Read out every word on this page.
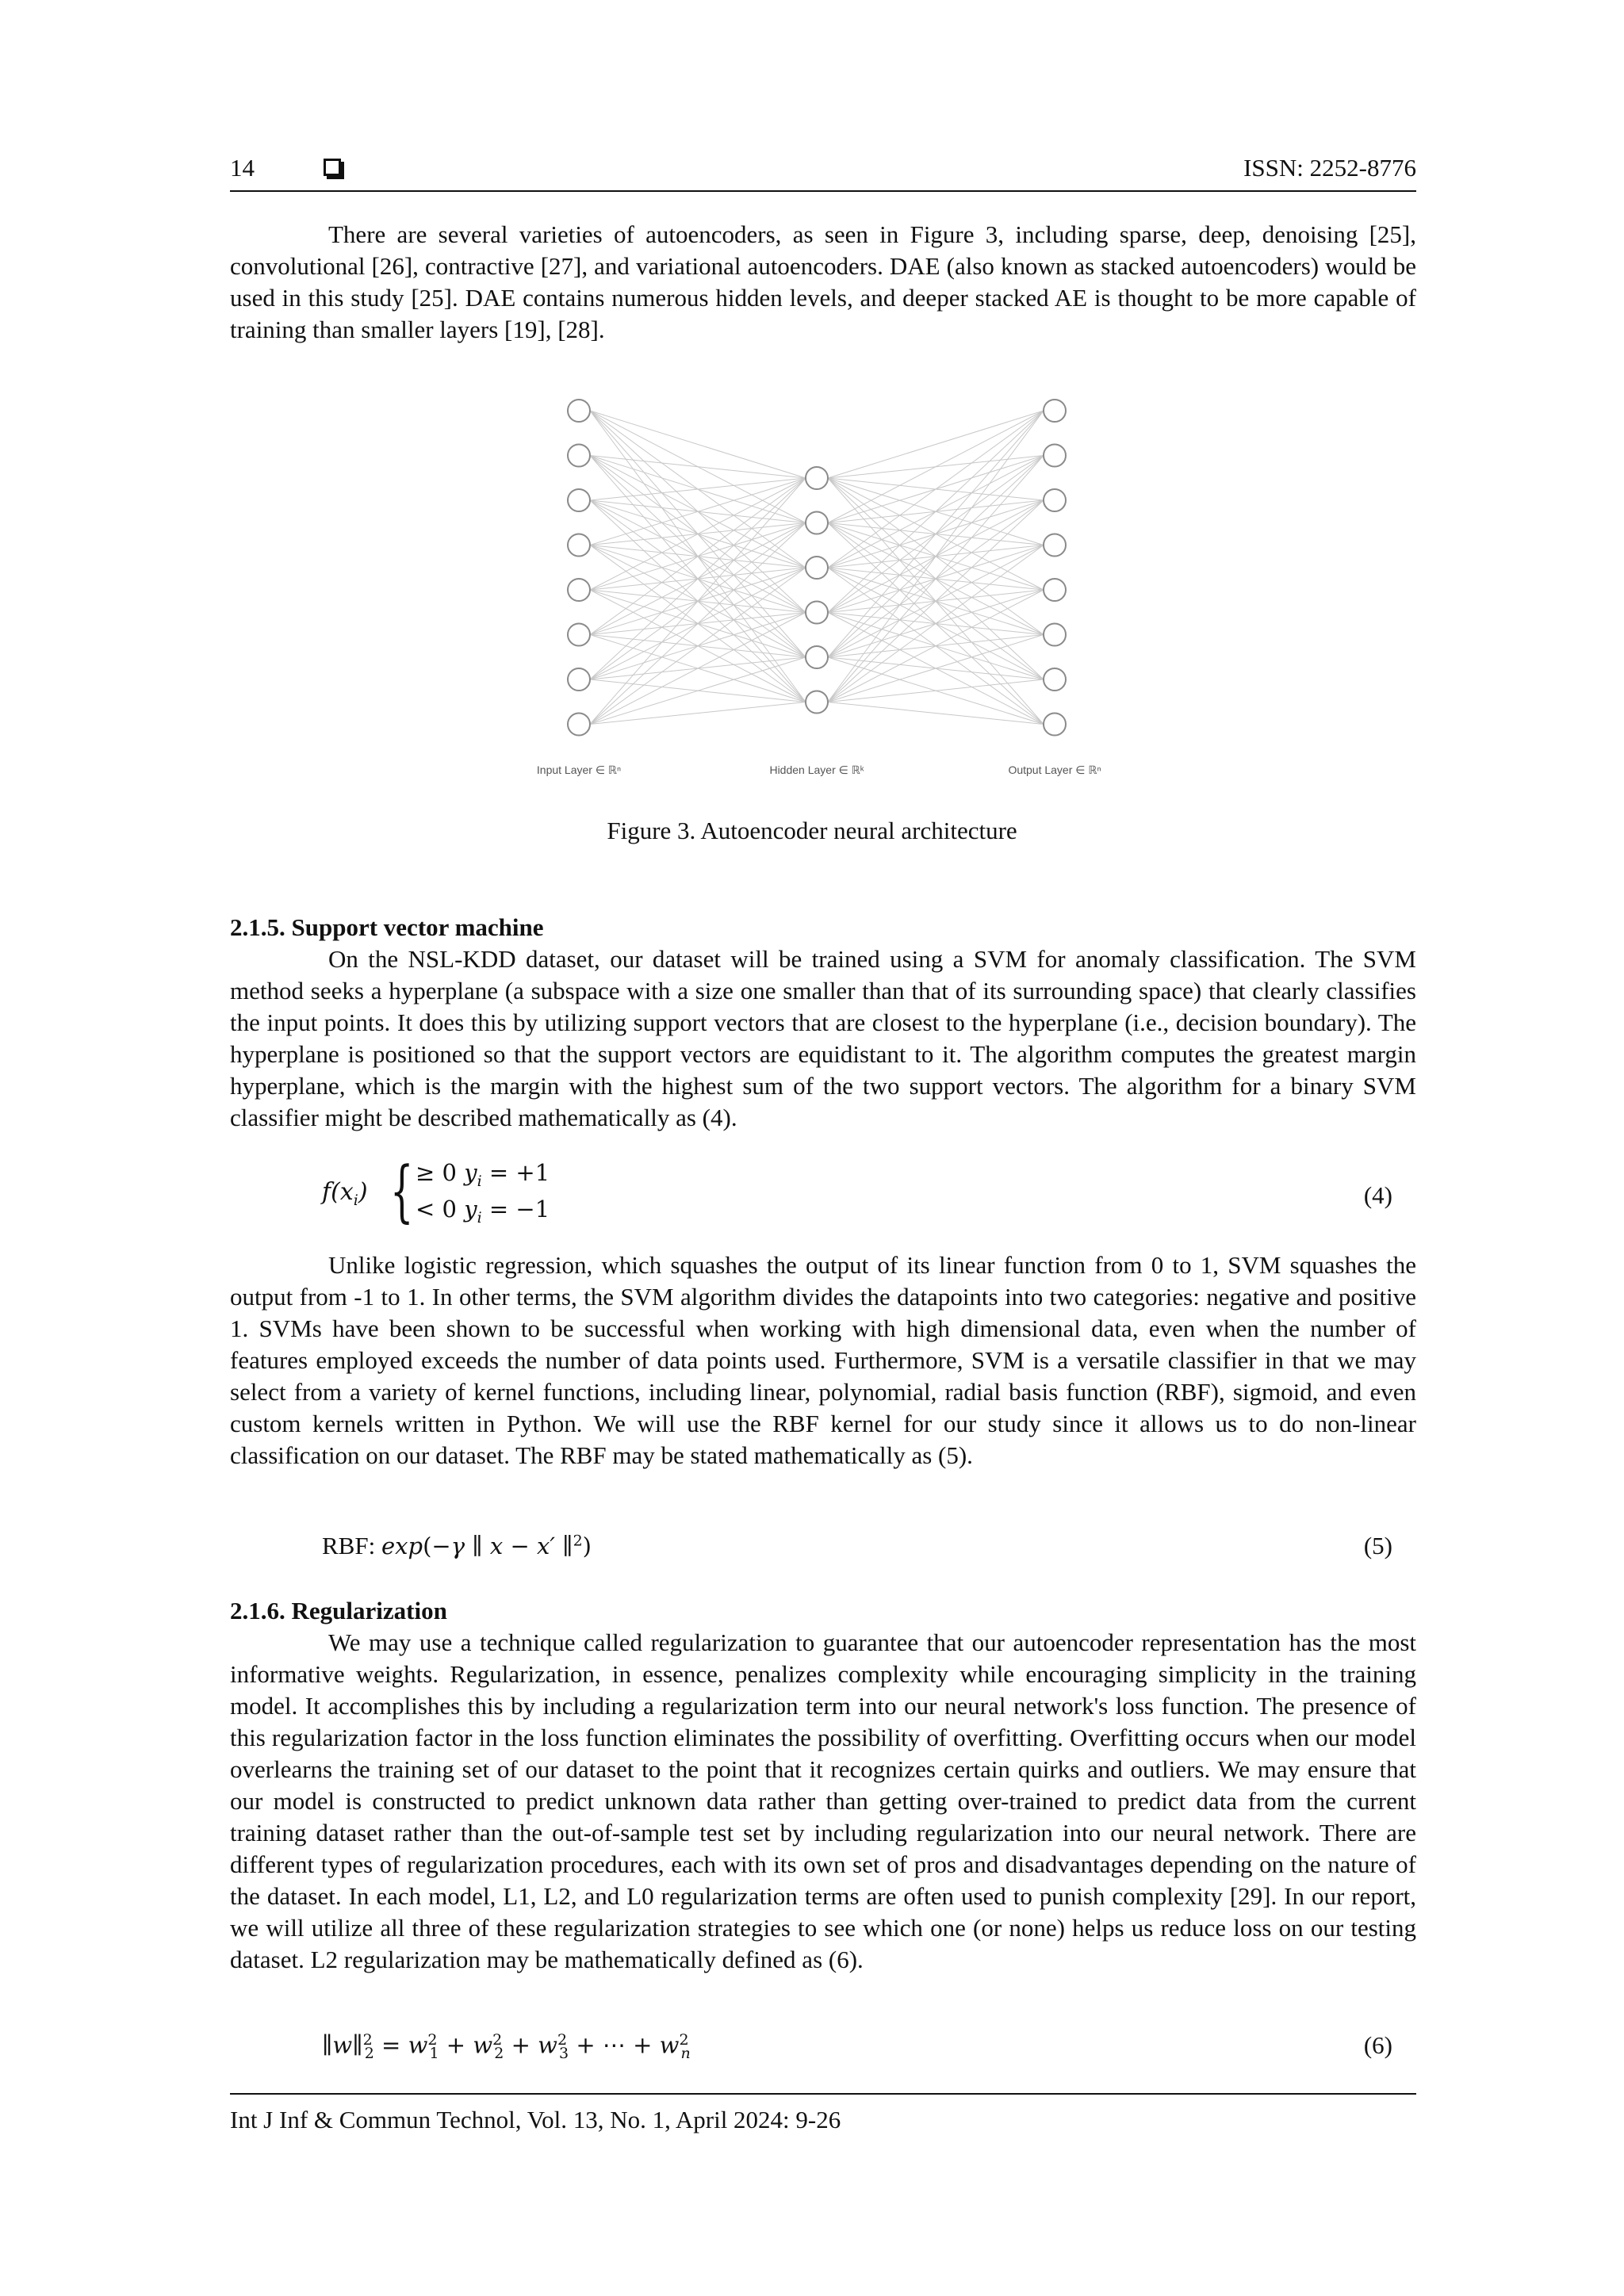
14	ISSN: 2252-8776

There are several varieties of autoencoders, as seen in Figure 3, including sparse, deep, denoising [25], convolutional [26], contractive [27], and variational autoencoders. DAE (also known as stacked autoencoders) would be used in this study [25]. DAE contains numerous hidden levels, and deeper stacked AE is thought to be more capable of training than smaller layers [19], [28].

Input Layer ∈ ℝⁿ	Hidden Layer ∈ ℝᵏ	Output Layer ∈ ℝⁿ
Figure 3. Autoencoder neural architecture
2.1.5. Support vector machine

On the NSL-KDD dataset, our dataset will be trained using a SVM for anomaly classification. The SVM method seeks a hyperplane (a subspace with a size one smaller than that of its surrounding space) that clearly classifies the input points. It does this by utilizing support vectors that are closest to the hyperplane (i.e., decision boundary). The hyperplane is positioned so that the support vectors are equidistant to it. The algorithm computes the greatest margin hyperplane, which is the margin with the highest sum of the two support vectors. The algorithm for a binary SVM classifier might be described mathematically as (4).

$f(x_i)$ { ≥ 0 $y_i = +1$
< 0 $y_i = -1$	(4)

Unlike logistic regression, which squashes the output of its linear function from 0 to 1, SVM squashes the output from -1 to 1. In other terms, the SVM algorithm divides the datapoints into two categories: negative and positive 1. SVMs have been shown to be successful when working with high dimensional data, even when the number of features employed exceeds the number of data points used. Furthermore, SVM is a versatile classifier in that we may select from a variety of kernel functions, including linear, polynomial, radial basis function (RBF), sigmoid, and even custom kernels written in Python. We will use the RBF kernel for our study since it allows us to do non-linear classification on our dataset. The RBF may be stated mathematically as (5).

RBF: exp(−γ ∥ x − x′ ∥$^2$)	(5)
2.1.6. Regularization

We may use a technique called regularization to guarantee that our autoencoder representation has the most informative weights. Regularization, in essence, penalizes complexity while encouraging simplicity in the training model. It accomplishes this by including a regularization term into our neural network's loss function. The presence of this regularization factor in the loss function eliminates the possibility of overfitting. Overfitting occurs when our model overlearns the training set of our dataset to the point that it recognizes certain quirks and outliers. We may ensure that our model is constructed to predict unknown data rather than getting over-trained to predict data from the current training dataset rather than the out-of-sample test set by including regularization into our neural network. There are different types of regularization procedures, each with its own set of pros and disadvantages depending on the nature of the dataset. In each model, L1, L2, and L0 regularization terms are often used to punish complexity [29]. In our report, we will utilize all three of these regularization strategies to see which one (or none) helps us reduce loss on our testing dataset. L2 regularization may be mathematically defined as (6).

∥w∥$^2_2$ = $w^2_1 + w^2_2 + w^2_3$ + ⋯ + $w^2_n$	(6)
Int J Inf & Commun Technol, Vol. 13, No. 1, April 2024: 9-26
